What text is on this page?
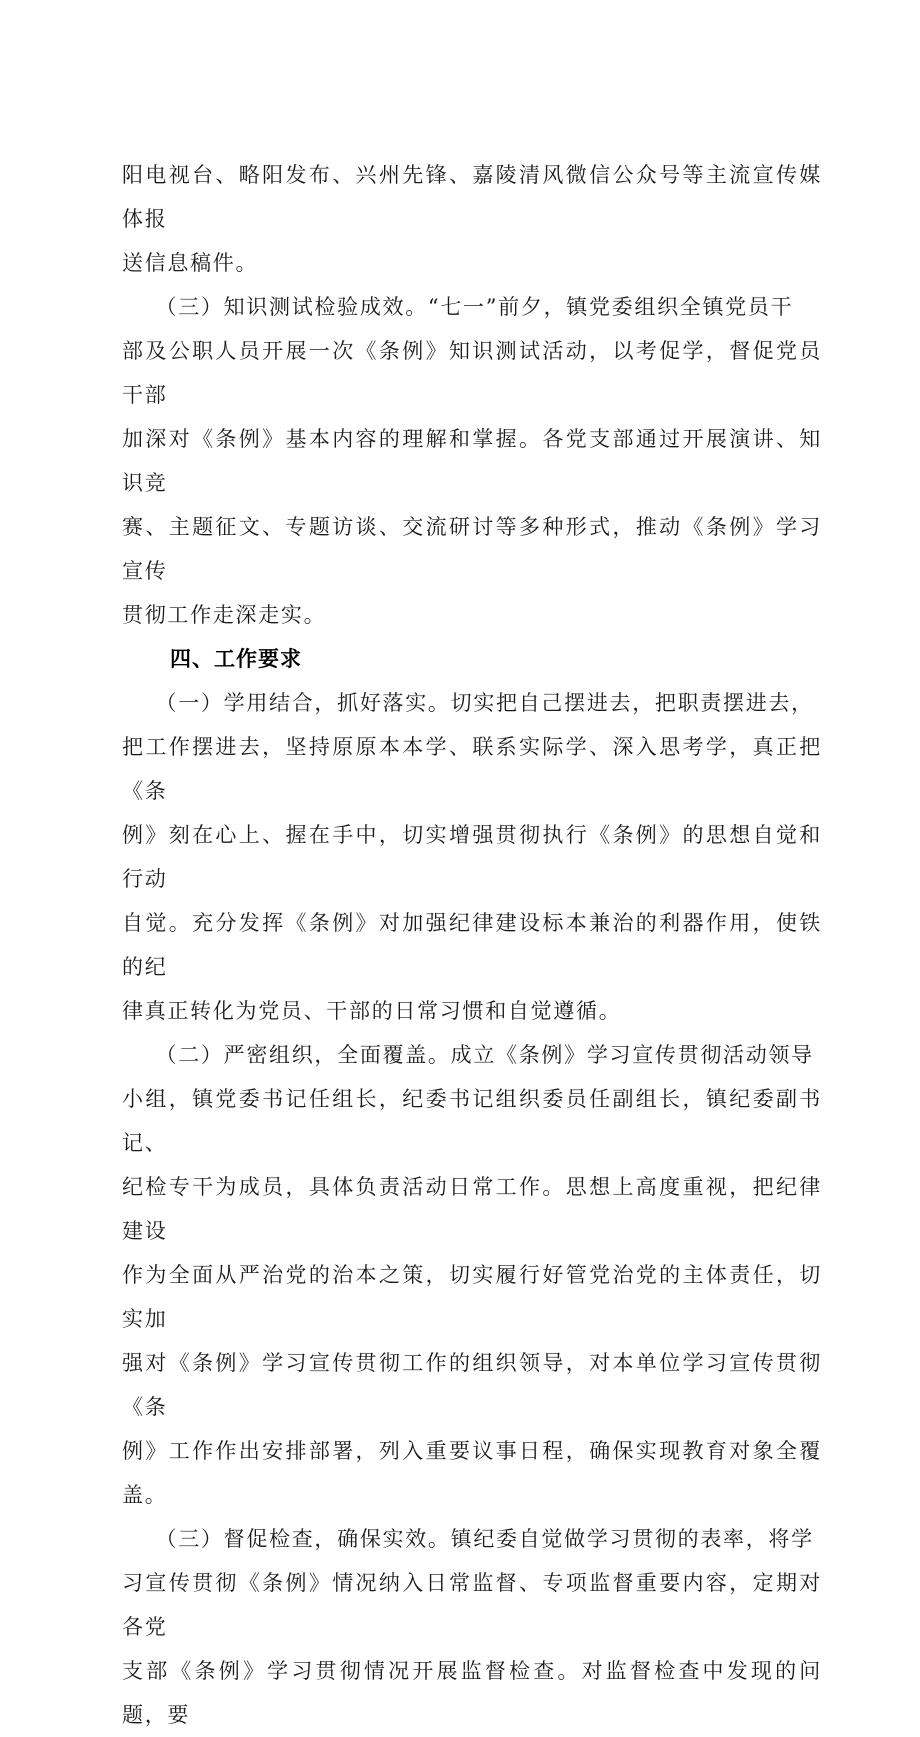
阳电视台、略阳发布、兴州先锋、嘉陵清风微信公众号等主流宣传媒体报
送信息稿件。

（三）知识测试检验成效。“七一”前夕，镇党委组织全镇党员干
部及公职人员开展一次《条例》知识测试活动，以考促学，督促党员干部
加深对《条例》基本内容的理解和掌握。各党支部通过开展演讲、知识竞
赛、主题征文、专题访谈、交流研讨等多种形式，推动《条例》学习宣传
贯彻工作走深走实。

四、工作要求

（一）学用结合，抓好落实。切实把自己摆进去，把职责摆进去，
把工作摆进去，坚持原原本本学、联系实际学、深入思考学，真正把《条
例》刻在心上、握在手中，切实增强贯彻执行《条例》的思想自觉和行动
自觉。充分发挥《条例》对加强纪律建设标本兼治的利器作用，使铁的纪
律真正转化为党员、干部的日常习惯和自觉遵循。

（二）严密组织，全面覆盖。成立《条例》学习宣传贯彻活动领导
小组，镇党委书记任组长，纪委书记组织委员任副组长，镇纪委副书记、
纪检专干为成员，具体负责活动日常工作。思想上高度重视，把纪律建设
作为全面从严治党的治本之策，切实履行好管党治党的主体责任，切实加
强对《条例》学习宣传贯彻工作的组织领导，对本单位学习宣传贯彻《条
例》工作作出安排部署，列入重要议事日程，确保实现教育对象全覆盖。

（三）督促检查，确保实效。镇纪委自觉做学习贯彻的表率，将学
习宣传贯彻《条例》情况纳入日常监督、专项监督重要内容，定期对各党
支部《条例》学习贯彻情况开展监督检查。对监督检查中发现的问题，要
